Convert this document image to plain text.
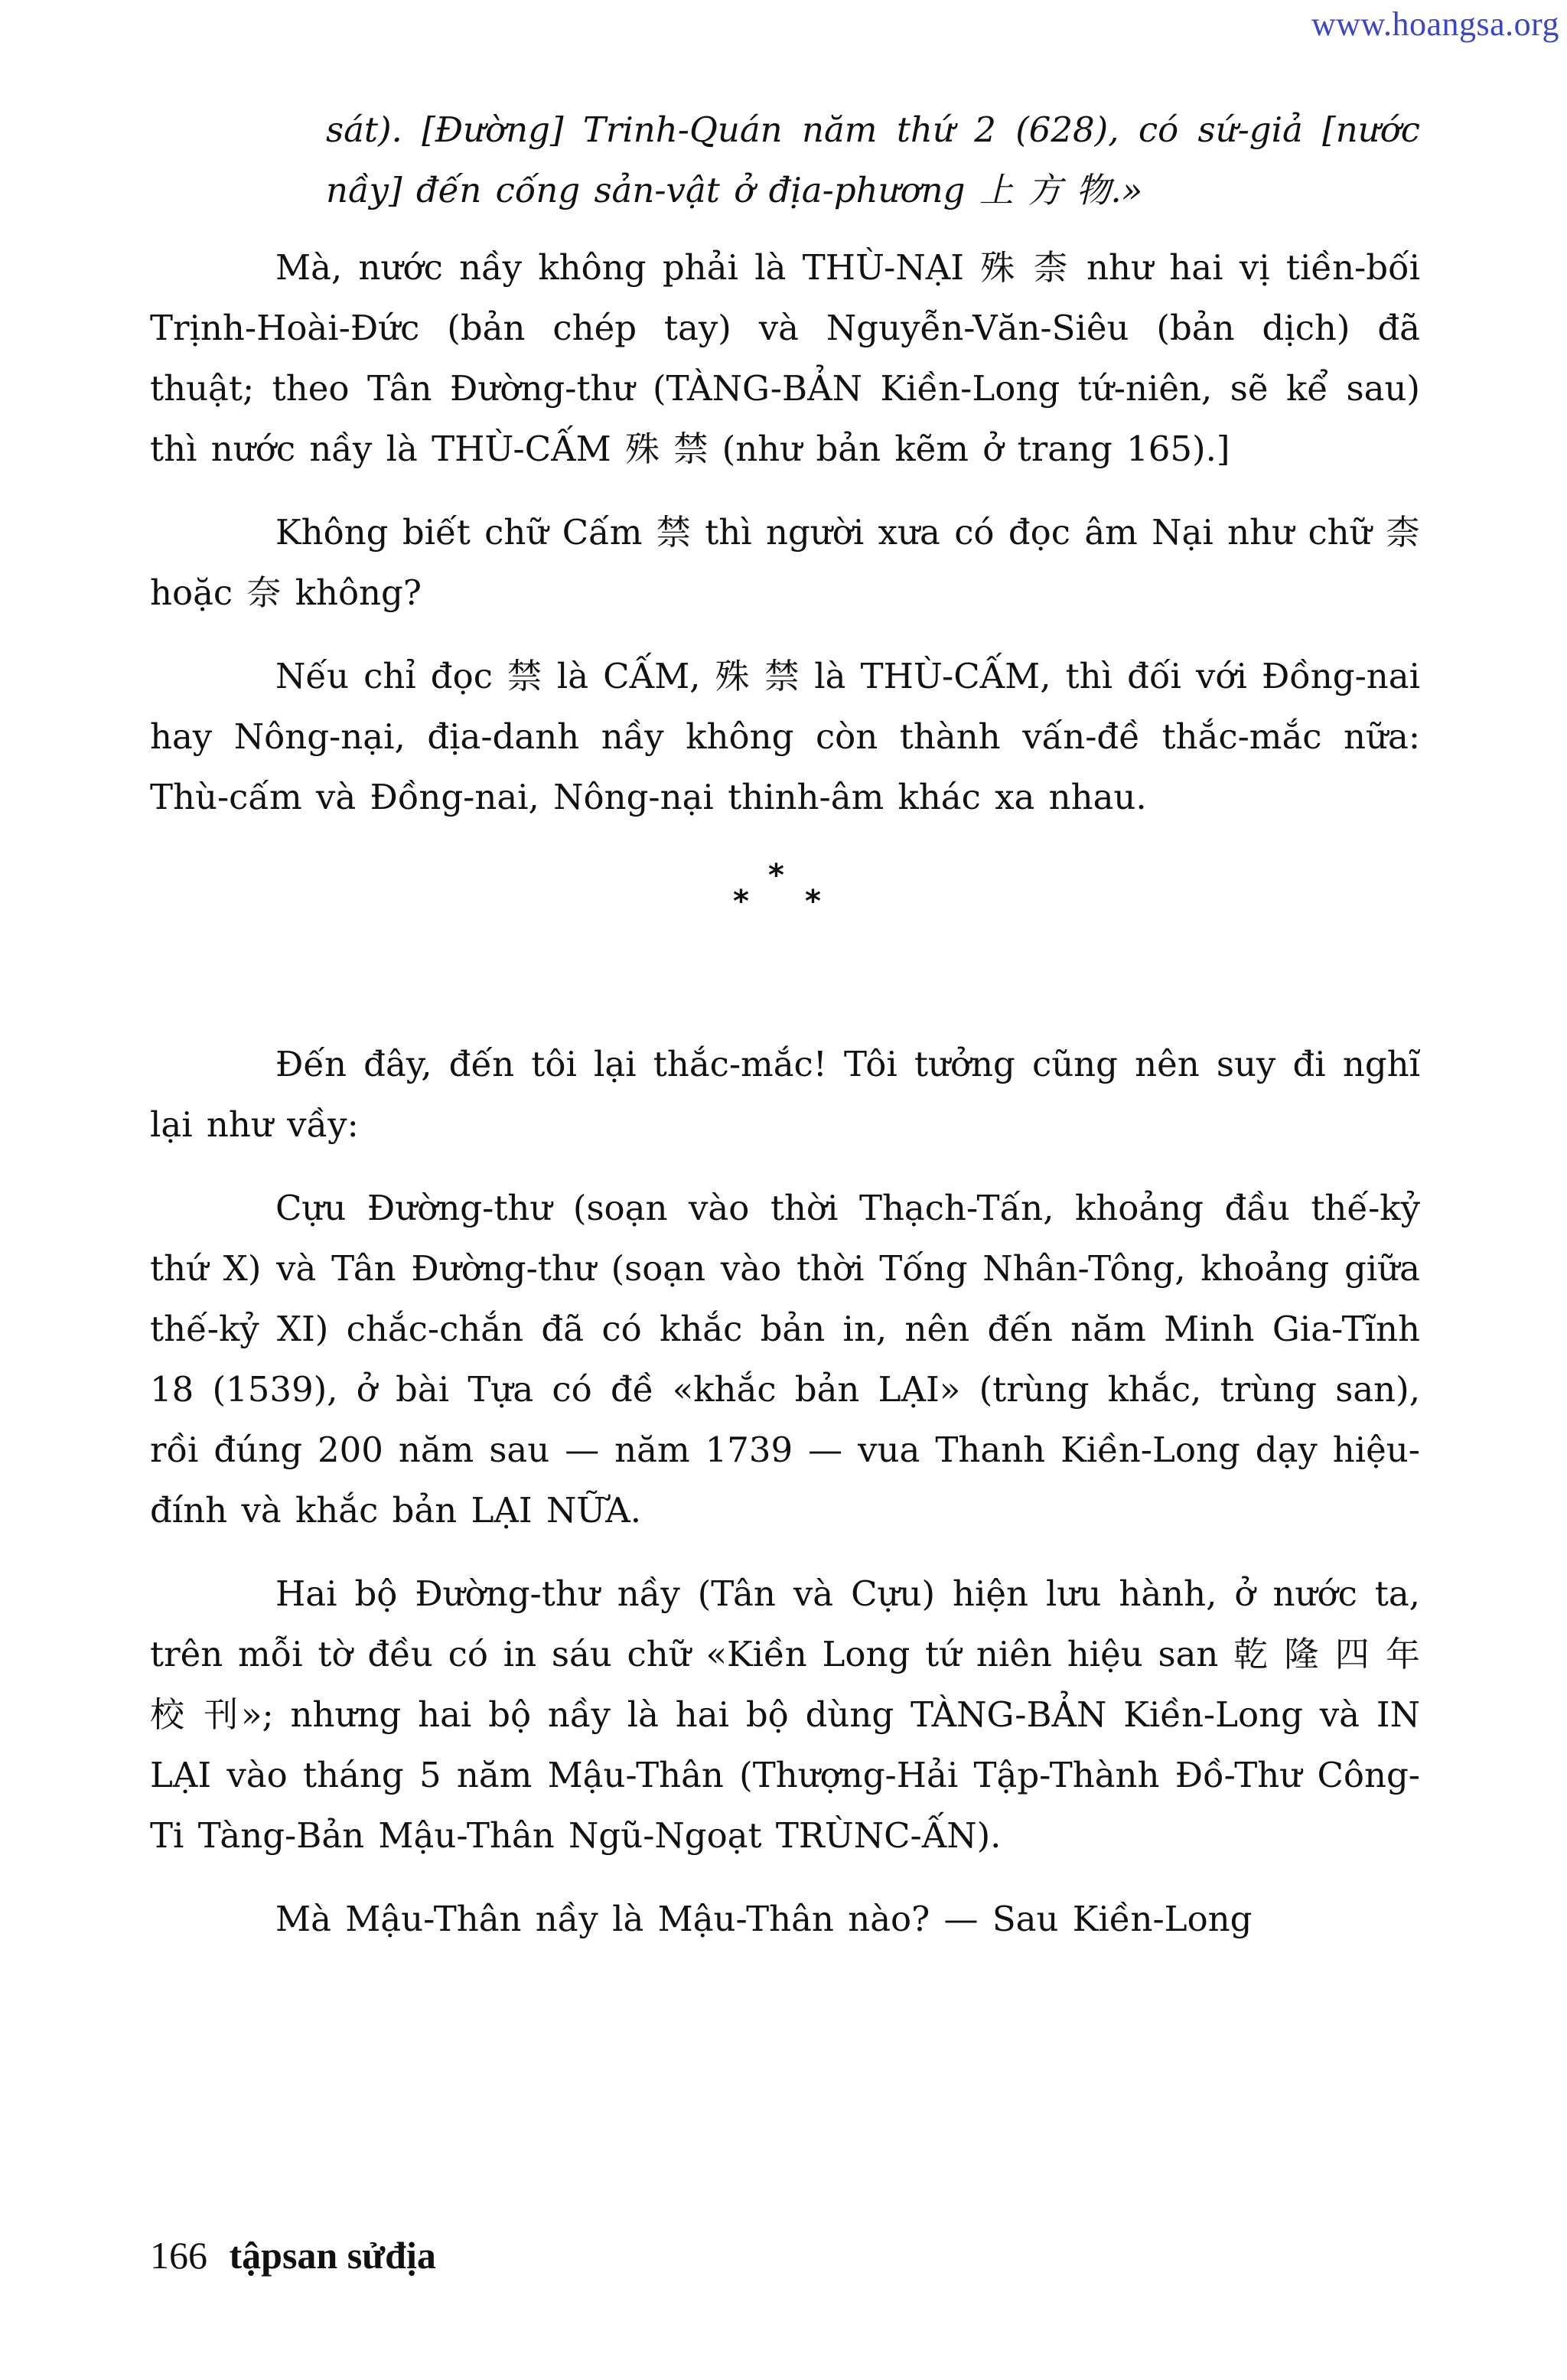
www.hoangsa.org

sát). [Đường] Trinh-Quán năm thứ 2 (628), có sứ-giả [nước nầy] đến cống sản-vật ở địa-phương 上 方 物.»

Mà, nước nầy không phải là THÙ-NẠI 殊 柰 như hai vị tiền-bối Trịnh-Hoài-Đức (bản chép tay) và Nguyễn-Văn-Siêu (bản dịch) đã thuật; theo Tân Đường-thư (TÀNG-BẢN Kiền-Long tứ-niên, sẽ kể sau) thì nước nầy là THÙ-CẤM 殊 禁 (như bản kẽm ở trang 165).]

Không biết chữ Cấm 禁 thì người xưa có đọc âm Nại như chữ 柰 hoặc 奈 không?

Nếu chỉ đọc 禁 là CẤM, 殊 禁 là THÙ-CẤM, thì đối với Đồng-nai hay Nông-nại, địa-danh nầy không còn thành vấn-đề thắc-mắc nữa: Thù-cấm và Đồng-nai, Nông-nại thinh-âm khác xa nhau.

*
* *

Đến đây, đến tôi lại thắc-mắc! Tôi tưởng cũng nên suy đi nghĩ lại như vầy:

Cựu Đường-thư (soạn vào thời Thạch-Tấn, khoảng đầu thế-kỷ thứ X) và Tân Đường-thư (soạn vào thời Tống Nhân-Tông, khoảng giữa thế-kỷ XI) chắc-chắn đã có khắc bản in, nên đến năm Minh Gia-Tĩnh 18 (1539), ở bài Tựa có đề «khắc bản LẠI» (trùng khắc, trùng san), rồi đúng 200 năm sau — năm 1739 — vua Thanh Kiền-Long dạy hiệu-đính và khắc bản LẠI NỮA.

Hai bộ Đường-thư nầy (Tân và Cựu) hiện lưu hành, ở nước ta, trên mỗi tờ đều có in sáu chữ «Kiền Long tứ niên hiệu san 乾 隆 四 年 校 刊»; nhưng hai bộ nầy là hai bộ dùng TÀNG-BẢN Kiền-Long và IN LẠI vào tháng 5 năm Mậu-Thân (Thượng-Hải Tập-Thành Đồ-Thư Công-Ti Tàng-Bản Mậu-Thân Ngũ-Ngoạt TRÙNC-ẤN).

Mà Mậu-Thân nầy là Mậu-Thân nào? — Sau Kiền-Long

166 tậpsan sửđịa
